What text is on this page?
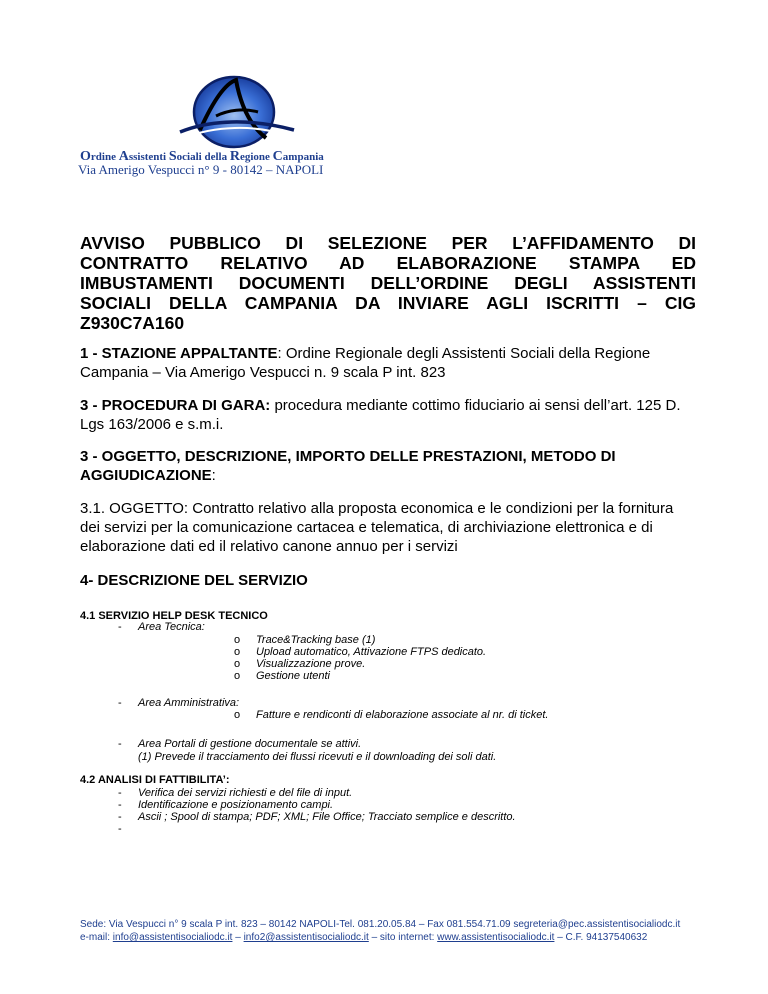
Ordine Assistenti Sociali della Regione Campania
Via Amerigo Vespucci n° 9 - 80142 – NAPOLI
AVVISO PUBBLICO DI SELEZIONE PER L’AFFIDAMENTO DI
CONTRATTO RELATIVO AD ELABORAZIONE STAMPA ED
IMBUSTAMENTI DOCUMENTI DELL’ORDINE DEGLI ASSISTENTI
SOCIALI DELLA CAMPANIA DA INVIARE AGLI ISCRITTI – CIG
Z930C7A160
1 - STAZIONE APPALTANTE: Ordine Regionale degli Assistenti Sociali della Regione
Campania – Via Amerigo Vespucci n. 9 scala P int. 823
3 - PROCEDURA DI GARA: procedura mediante cottimo fiduciario ai sensi dell’art. 125 D.
Lgs 163/2006 e s.m.i.
3 - OGGETTO, DESCRIZIONE, IMPORTO DELLE PRESTAZIONI, METODO DI
AGGIUDICAZIONE:
3.1. OGGETTO: Contratto relativo alla proposta economica e le condizioni per la fornitura
dei servizi per la comunicazione cartacea e telematica, di archiviazione elettronica e di
elaborazione dati ed il relativo canone annuo per i servizi
4- DESCRIZIONE DEL SERVIZIO
4.1 SERVIZIO HELP DESK TECNICO
- Area Tecnica:
o Trace&Tracking base (1)
o Upload automatico, Attivazione FTPS dedicato.
o Visualizzazione prove.
o Gestione utenti
- Area Amministrativa:
o Fatture e rendiconti di elaborazione associate al nr. di ticket.
- Area Portali di gestione documentale se attivi.
(1) Prevede il tracciamento dei flussi ricevuti e il downloading dei soli dati.
4.2 ANALISI DI FATTIBILITA’:
- Verifica dei servizi richiesti e del file di input.
- Identificazione e posizionamento campi.
- Ascii ; Spool di stampa; PDF; XML; File Office; Tracciato semplice e descritto.
-
Sede: Via Vespucci n° 9 scala P int. 823 – 80142 NAPOLI-Tel. 081.20.05.84 – Fax 081.554.71.09 segreteria@pec.assistentisocialiodc.it
e-mail: info@assistentisocialiodc.it – info2@assistentisocialiodc.it – sito internet: www.assistentisocialiodc.it – C.F. 94137540632
